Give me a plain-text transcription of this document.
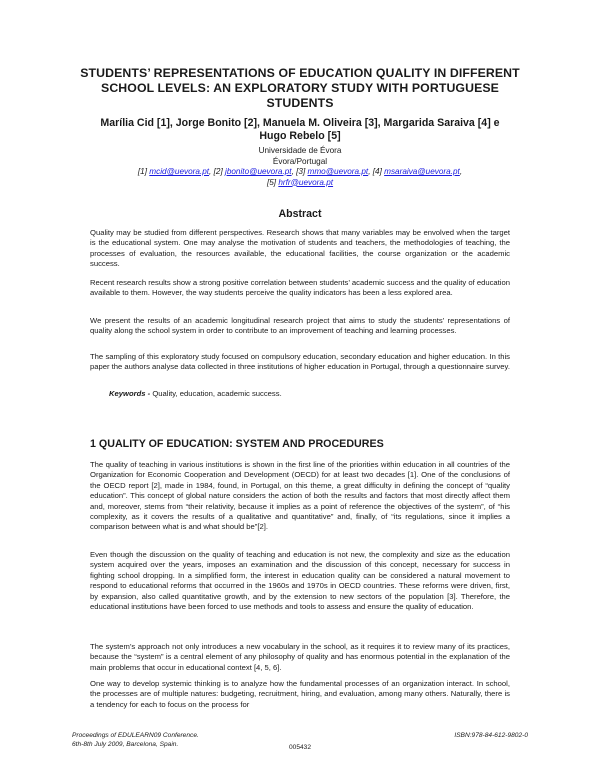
STUDENTS’ REPRESENTATIONS OF EDUCATION QUALITY IN DIFFERENT SCHOOL LEVELS: AN EXPLORATORY STUDY WITH PORTUGUESE STUDENTS

Marília Cid [1], Jorge Bonito [2], Manuela M. Oliveira [3], Margarida Saraiva [4] e Hugo Rebelo [5]

Universidade de Évora
Évora/Portugal
[1] mcid@uevora.pt, [2] jbonito@uevora.pt, [3] mmo@uevora.pt, [4] msaraiva@uevora.pt,
[5] hrfr@uevora.pt
Abstract

Quality may be studied from different perspectives. Research shows that many variables may be envolved when the target is the educational system. One may analyse the motivation of students and teachers, the methodologies of teaching, the processes of evaluation, the resources available, the educational facilities, the course organization or the academic success.

Recent research results show a strong positive correlation between students’ academic success and the quality of education available to them. However, the way students perceive the quality indicators has been a less explored area.

We present the results of an academic longitudinal research project that aims to study the students’ representations of quality along the school system in order to contribute to an improvement of teaching and learning processes.

The sampling of this exploratory study focused on compulsory education, secondary education and higher education. In this paper the authors analyse data collected in three institutions of higher education in Portugal, through a questionnaire survey.

Keywords - Quality, education, academic success.
1 QUALITY OF EDUCATION: SYSTEM AND PROCEDURES

The quality of teaching in various institutions is shown in the first line of the priorities within education in all countries of the Organization for Economic Cooperation and Development (OECD) for at least two decades [1]. One of the conclusions of the OECD report [2], made in 1984, found, in Portugal, on this theme, a great difficulty in defining the concept of “quality education”. This concept of global nature considers the action of both the results and factors that most directly affect them and, moreover, stems from “their relativity, because it implies as a point of reference the objectives of the system”, of “his complexity, as it covers the results of a qualitative and quantitative” and, finally, of “its regulations, since it implies a comparison between what is and what should be”[2].

Even though the discussion on the quality of teaching and education is not new, the complexity and size as the education system acquired over the years, imposes an examination and the discussion of this concept, necessary for success in fighting school dropping. In a simplified form, the interest in education quality can be considered a natural movement to respond to educational reforms that occurred in the 1960s and 1970s in OECD countries. These reforms were driven, first, by expansion, also called quantitative growth, and by the extension to new sectors of the population [3]. Therefore, the educational institutions have been forced to use methods and tools to assess and ensure the quality of education.

The system’s approach not only introduces a new vocabulary in the school, as it requires it to review many of its practices, because the “system” is a central element of any philosophy of quality and has enormous potential in the explanation of the main problems that occur in educational context [4, 5, 6].

One way to develop systemic thinking is to analyze how the fundamental processes of an organization interact. In school, the processes are of multiple natures: budgeting, recruitment, hiring, and evaluation, among many others. Naturally, there is a tendency for each to focus on the process for

Proceedings of EDULEARN09 Conference.
6th-8th July 2009, Barcelona, Spain.
ISBN:978-84-612-9802-0
005432
